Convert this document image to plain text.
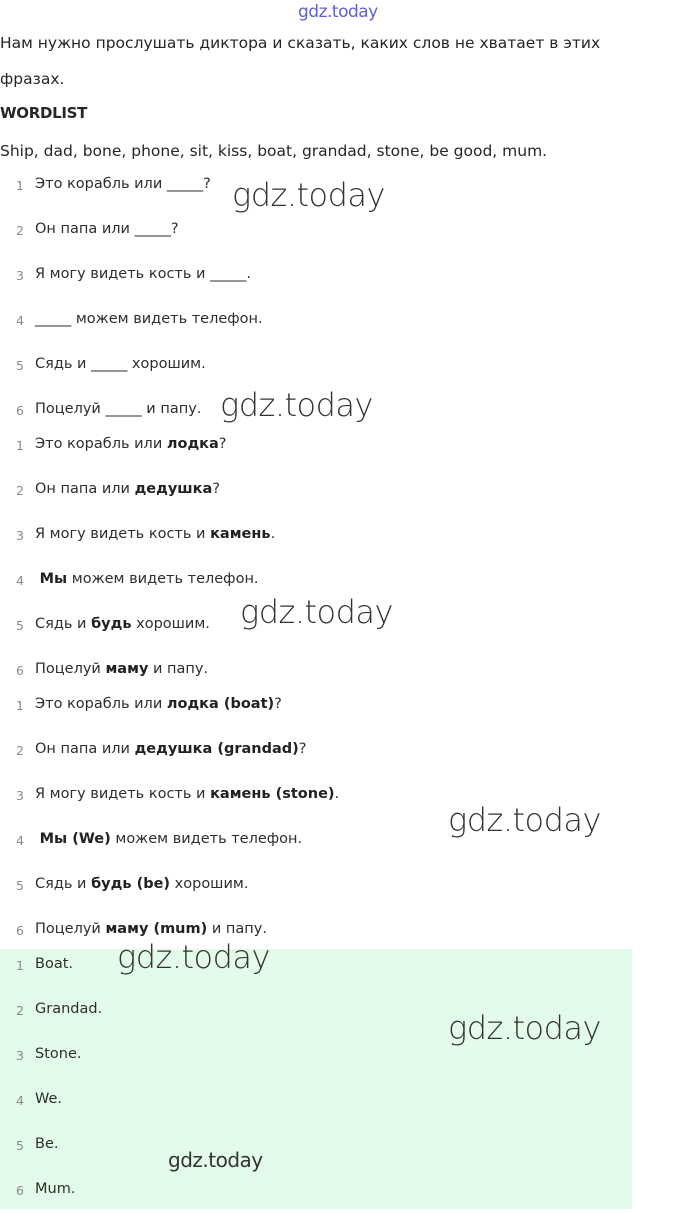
gdz.today
Нам нужно прослушать диктора и сказать, каких слов не хватает в этих
фразах.
WORDLIST
Ship, dad, bone, phone, sit, kiss, boat, grandad, stone, be good, mum.
1 Это корабль или _____?
2 Он папа или _____?
3 Я могу видеть кость и _____.
4 _____ можем видеть телефон.
5 Сядь и _____ хорошим.
6 Поцелуй _____ и папу.
1 Это корабль или лодка?
2 Он папа или дедушка?
3 Я могу видеть кость и камень.
4	Мы можем видеть телефон.
5 Сядь и будь хорошим.
6 Поцелуй маму и папу.
1 Это корабль или лодка (boat)?
2 Он папа или дедушка (grandad)?
3 Я могу видеть кость и камень (stone).
4	Мы (We) можем видеть телефон.
5 Сядь и будь (be) хорошим.
6 Поцелуй маму (mum) и папу.
1 Boat.
2 Grandad.
3 Stone.
4 We.
5 Be.
6 Mum.
gdz.today
gdz.today
gdz.today
gdz.today
gdz.today
gdz.today
gdz.today
